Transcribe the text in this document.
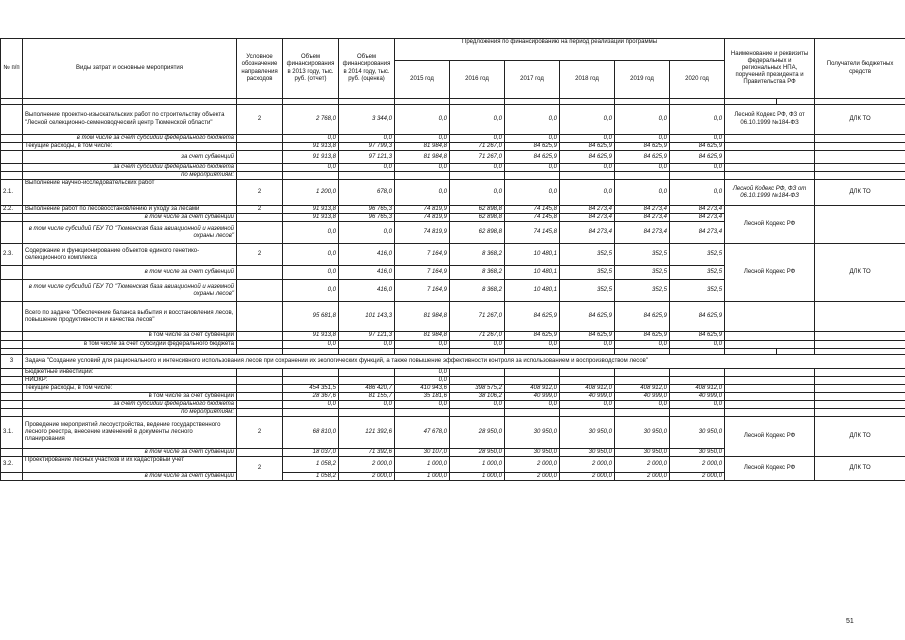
№ п/п	Виды затрат и основные мероприятия	Условное обозначение направления расходов	Объем финансирования в 2013 году, тыс. руб. (отчет)	Объем финансирования в 2014 году, тыс. руб. (оценка)	Предложения по финансированию на период реализации программы						Наименование и реквизиты федеральных и региональных НПА, поручений президента и Правительства РФ		Получатели бюджетных средств
					2015 год	2016 год	2017 год	2018 год	2019 год	2020 год			

	Выполнение проектно-изыскательских работ по строительству объекта "Лесной селекционно-семеноводческий центр Тюменской области"	2	2 768,0	3 344,0	0,0	0,0	0,0	0,0	0,0	0,0	Лесной Кодекс РФ, ФЗ от 06.10.1999 №184-ФЗ		ДЛК ТО
	в том числе за счет субсидий федерального бюджета		0,0	0,0	0,0	0,0	0,0	0,0	0,0	0,0			
	Текущие расходы, в том числе:		91 913,8	97 799,3	81 984,8	71 267,0	84 625,9	84 625,9	84 625,9	84 625,9			
	за счет субвенций		91 913,8	97 121,3	81 984,8	71 267,0	84 625,9	84 625,9	84 625,9	84 625,9			
	за счет субсидий федерального бюджета		0,0	0,0	0,0	0,0	0,0	0,0	0,0	0,0			
	по мероприятиям:												
2.1.	Выполнение научно-исследовательских работ	2	1 200,0	678,0	0,0	0,0	0,0	0,0	0,0	0,0	Лесной Кодекс РФ, ФЗ от 06.10.1999 №184-ФЗ		ДЛК ТО
2.2.	Выполнение работ по лесовосстановлению и уходу за лесами	2	91 913,8	96 765,3	74 819,9	62 898,8	74 145,8	84 273,4	84 273,4	84 273,4	Лесной Кодекс РФ		
	в том числе за счет субвенций		91 913,8	96 765,3	74 819,9	62 898,8	74 145,8	84 273,4	84 273,4	84 273,4			
	в том числе субсидий ГБУ ТО "Тюменская база авиационной и наземной охраны лесов"		0,0	0,0	74 819,9	62 898,8	74 145,8	84 273,4	84 273,4	84 273,4			
2.3.	Содержание и функционирование объектов единого генетико-селекционного комплекса	2	0,0	416,0	7 164,9	8 368,2	10 480,1	352,5	352,5	352,5	Лесной Кодекс РФ		ДЛК ТО
	в том числе за счет субвенций		0,0	416,0	7 164,9	8 368,2	10 480,1	352,5	352,5	352,5			
	в том числе субсидий ГБУ ТО "Тюменская база авиационной и наземной охраны лесов"		0,0	416,0	7 164,9	8 368,2	10 480,1	352,5	352,5	352,5			
	Всего по задаче "Обеспечение баланса выбытия и восстановления лесов, повышение продуктивности и качества лесов"		95 681,8	101 143,3	81 984,8	71 267,0	84 625,9	84 625,9	84 625,9	84 625,9			
	в том числе за счет субвенций		91 913,8	97 121,3	81 984,8	71 267,0	84 625,9	84 625,9	84 625,9	84 625,9			
	в том числе за счет субсидий федерального бюджета		0,0	0,0	0,0	0,0	0,0	0,0	0,0	0,0			

3	Задача "Создание условий для рационального и интенсивного использования лесов при сохранении их экологических функций, а также повышение эффективности контроля за использованием и воспроизводством лесов"												
	Бюджетные инвестиции:				0,0								
	НИОКР:				0,0								
	Текущие расходы, в том числе:		454 351,5	486 420,7	410 943,6	398 575,2	408 912,0	408 912,0	408 912,0	408 912,0			
	в том числе за счет субвенций		28 367,6	81 155,7	35 181,6	38 106,2	40 999,0	40 999,0	40 999,0	40 999,0			
	за счет субсидий федерального бюджета		0,0	0,0	0,0	0,0	0,0	0,0	0,0	0,0			
	по мероприятиям:												
3.1.	Проведение мероприятий лесоустройства, ведение государственного лесного реестра, внесение изменений в документы лесного планирования	2	68 810,0	121 392,6	47 678,0	28 950,0	30 950,0	30 950,0	30 950,0	30 950,0	Лесной Кодекс РФ		ДЛК ТО
	в том числе за счет субвенций		18 037,0	71 392,6	30 107,0	28 950,0	30 950,0	30 950,0	30 950,0	30 950,0			
3.2.	Проектирование лесных участков и их кадастровый учет	2	1 058,2	2 000,0	1 000,0	1 000,0	2 000,0	2 000,0	2 000,0	2 000,0	Лесной Кодекс РФ		ДЛК ТО
	в том числе за счет субвенций		1 058,2	2 000,0	1 000,0	1 000,0	2 000,0	2 000,0	2 000,0	2 000,0			
51
